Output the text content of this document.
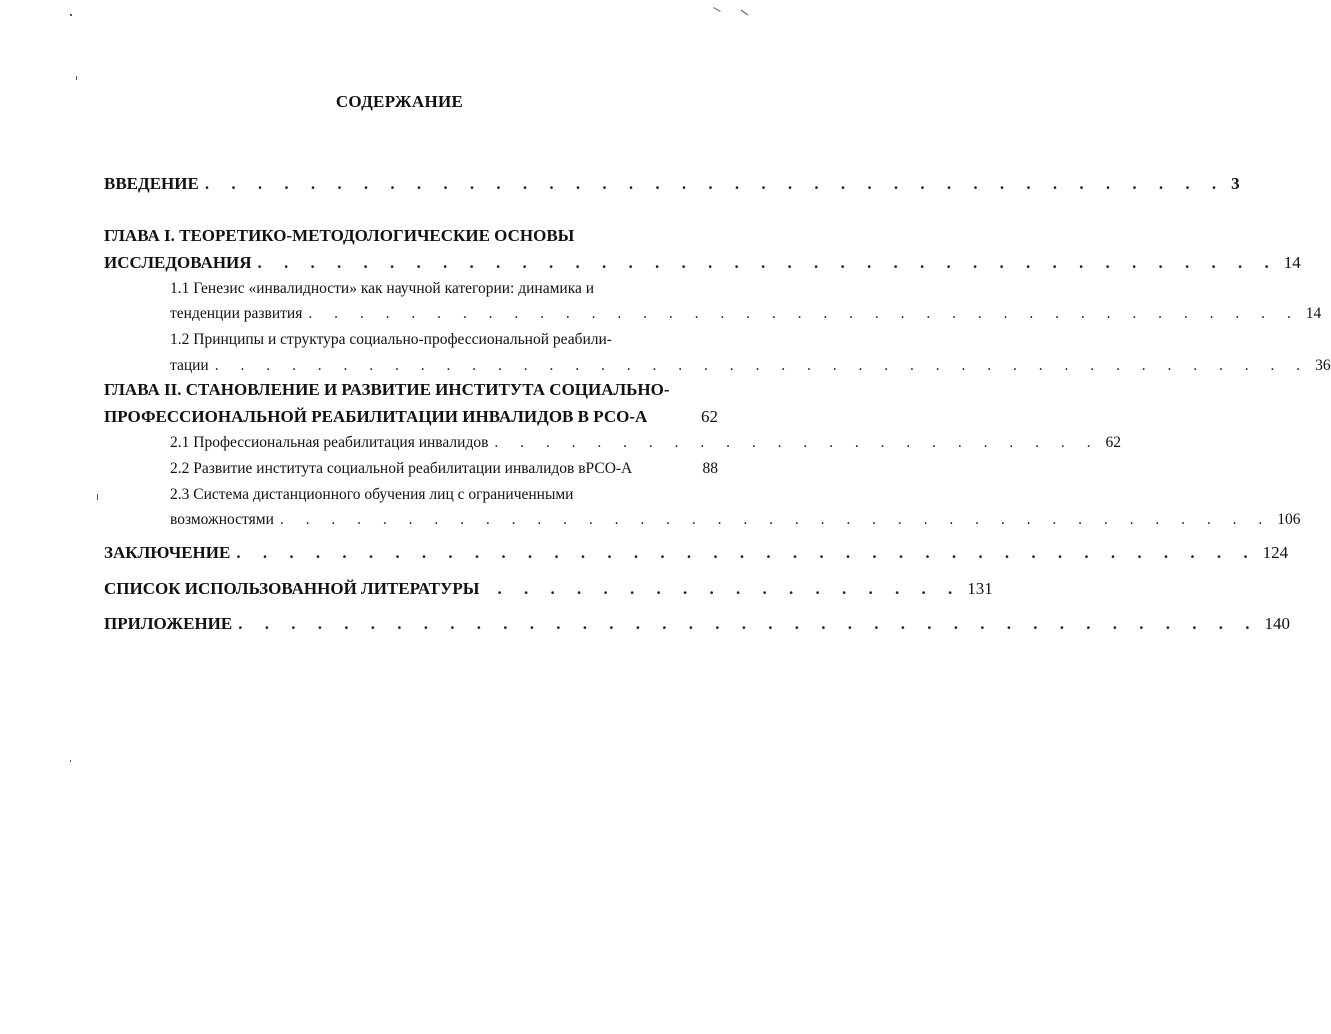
СОДЕРЖАНИЕ
ВВЕДЕНИЕ . . . . . . . . . . . . . . . . . . . . . . . . . . . . . . . . . . . . . . . 3
ГЛАВА I. ТЕОРЕТИКО-МЕТОДОЛОГИЧЕСКИЕ ОСНОВЫ
ИССЛЕДОВАНИЯ . . . . . . . . . . . . . . . . . . . . . . . . . . . . . . . . . . . . . . . 14
1.1 Генезис «инвалидности» как научной категории: динамика и
тенденции развития . . . . . . . . . . . . . . . . . . . . . . . . . . . . . . . . . . . . . . . 14
1.2 Принципы и структура социально-профессиональной реабили-
тации . . . . . . . . . . . . . . . . . . . . . . . . . . . . . . . . . . . . . . . . . . . 36
ГЛАВА II. СТАНОВЛЕНИЕ И РАЗВИТИЕ ИНСТИТУТА СОЦИАЛЬНО-
ПРОФЕССИОНАЛЬНОЙ РЕАБИЛИТАЦИИ ИНВАЛИДОВ В РСО-А	62
2.1 Профессиональная реабилитация инвалидов . . . . . . . . . . . . . . . . . . . . . . . . 62
2.2 Развитие института социальной реабилитации инвалидов вРСО-А	88
2.3 Система дистанционного обучения лиц с ограниченными
возможностями . . . . . . . . . . . . . . . . . . . . . . . . . . . . . . . . . . . . . . . 106
ЗАКЛЮЧЕНИЕ . . . . . . . . . . . . . . . . . . . . . . . . . . . . . . . . . . . . . . . 124
СПИСОК ИСПОЛЬЗОВАННОЙ ЛИТЕРАТУРЫ . . . . . . . . . . . . . . . . . . 131
ПРИЛОЖЕНИЕ . . . . . . . . . . . . . . . . . . . . . . . . . . . . . . . . . . . . . . . 140
